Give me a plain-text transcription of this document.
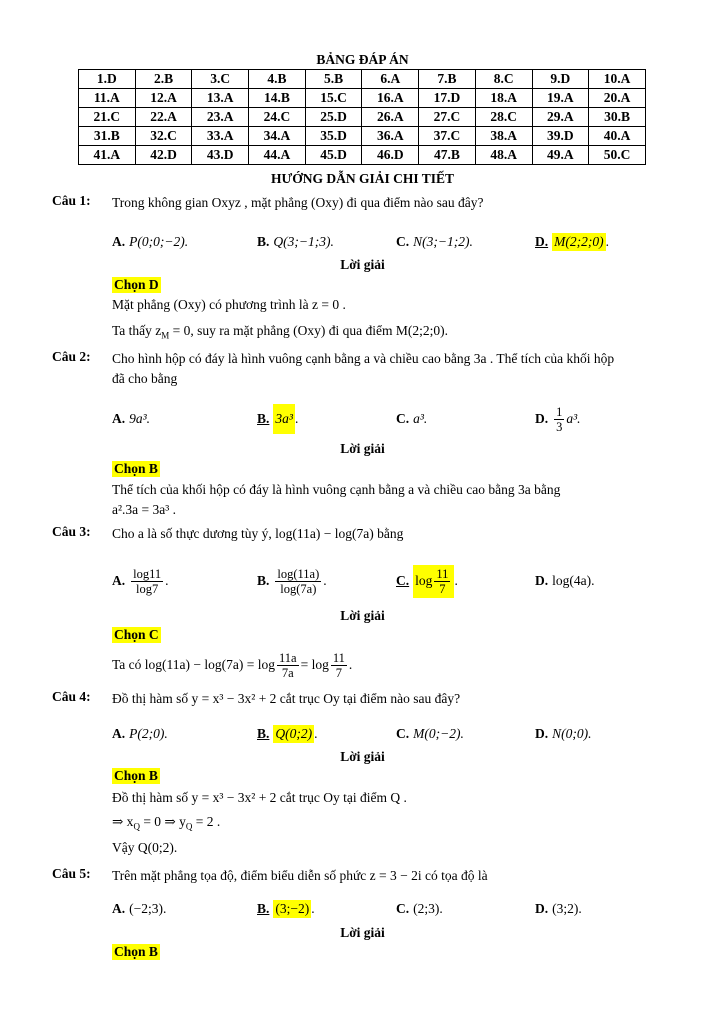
BẢNG ĐÁP ÁN
1.D	2.B	3.C	4.B	5.B	6.A	7.B	8.C	9.D	10.A
11.A	12.A	13.A	14.B	15.C	16.A	17.D	18.A	19.A	20.A
21.C	22.A	23.A	24.C	25.D	26.A	27.C	28.C	29.A	30.B
31.B	32.C	33.A	34.A	35.D	36.A	37.C	38.A	39.D	40.A
41.A	42.D	43.D	44.A	45.D	46.D	47.B	48.A	49.A	50.C
HƯỚNG DẪN GIẢI CHI TIẾT
Câu 1: Trong không gian Oxyz , mặt phẳng (Oxy) đi qua điểm nào sau đây?
A. P(0;0;−2).	B. Q(3;−1;3).	C. N(3;−1;2).	D. M(2;2;0) .
Lời giải
Chọn D
Mặt phẳng (Oxy) có phương trình là z = 0 .
Ta thấy $z_M = 0$, suy ra mặt phẳng (Oxy) đi qua điểm M(2;2;0).
Câu 2: Cho hình hộp có đáy là hình vuông cạnh bằng a và chiều cao bằng 3a . Thể tích của khối hộp
đã cho bằng
A. 9a³.	B. 3a³ .	C. a³.	D. $\frac{1}{3} a^3$.
Lời giải
Chọn B
Thể tích của khối hộp có đáy là hình vuông cạnh bằng a và chiều cao bằng 3a bằng
a².3a = 3a³ .
Câu 3: Cho a là số thực dương tùy ý, log(11a) − log(7a) bằng
A. $\frac{\log 11}{\log 7}$ .	B. $\frac{\log(11a)}{\log(7a)}$ .	C. $\log \frac{11}{7}$ .	D. log(4a).
Lời giải
Chọn C
Ta có $\log(11a) - \log(7a) = \log \frac{11a}{7a} = \log \frac{11}{7}$ .
Câu 4: Đồ thị hàm số y = x³ − 3x² + 2 cắt trục Oy tại điểm nào sau đây?
A. P(2;0).	B. Q(0;2) .	C. M(0;−2).	D. N(0;0).
Lời giải
Chọn B
Đồ thị hàm số y = x³ − 3x² + 2 cắt trục Oy tại điểm Q .
⇒ $x_Q = 0$ ⇒ $y_Q = 2$ .
Vậy Q(0;2).
Câu 5: Trên mặt phẳng tọa độ, điểm biểu diễn số phức z = 3 − 2i có tọa độ là
A. (−2;3).	B. (3;−2) .	C. (2;3).	D. (3;2).
Lời giải
Chọn B
